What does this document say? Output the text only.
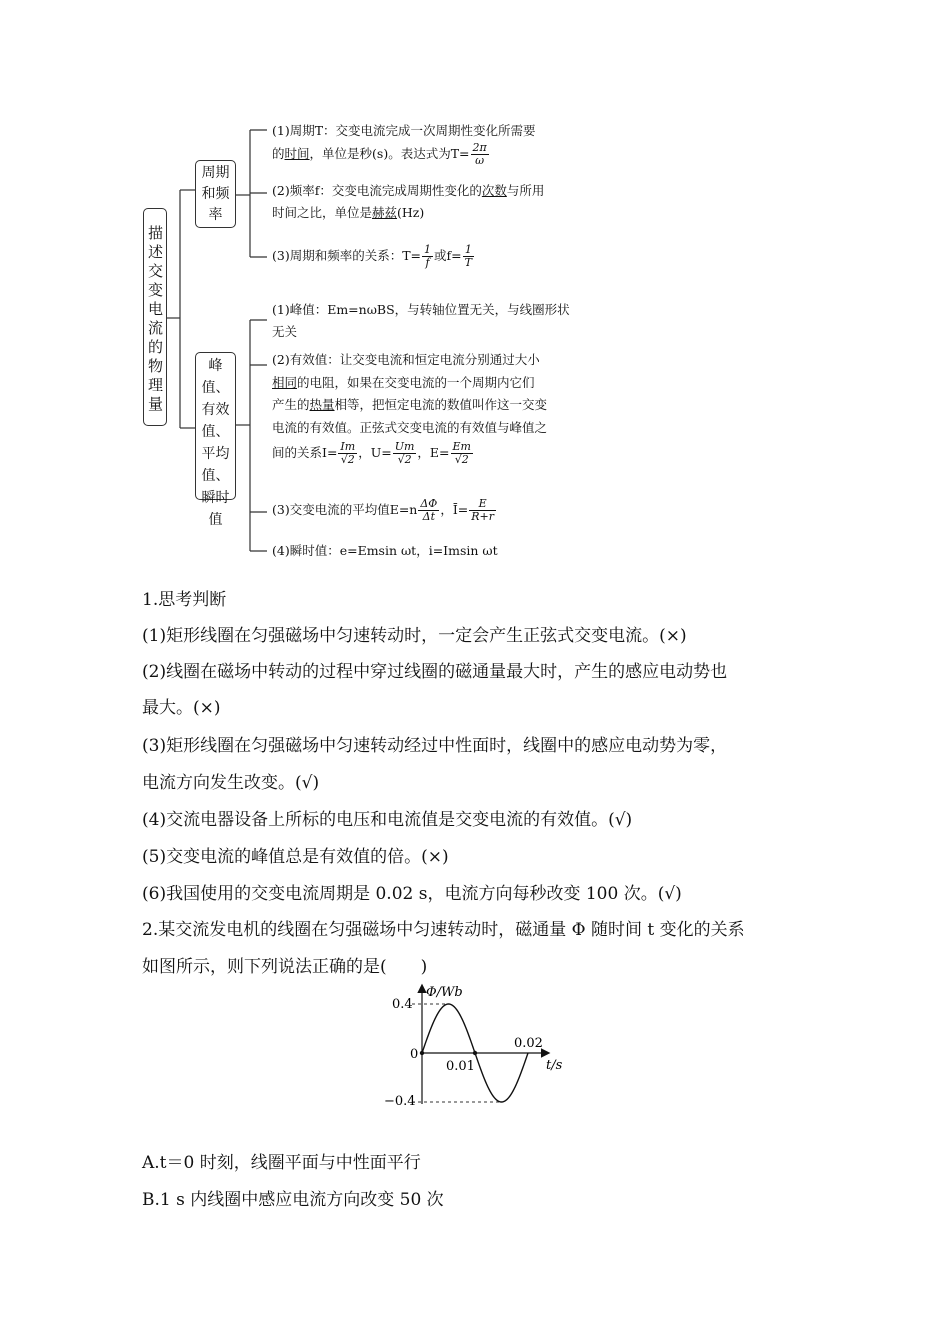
描述交变电流的物理量
周期和频率
峰值、有效值、平均值、瞬时值
(1)周期T：交变电流完成一次周期性变化所需要
的时间，单位是秒(s)。表达式为$T= \frac{2\pi}{\omega}$
(2)频率f：交变电流完成周期性变化的次数与所用
时间之比，单位是赫兹(Hz)
(3)周期和频率的关系：$T= \frac{1}{f}$ 或$f= \frac{1}{T}$
(1)峰值：Em=nωBS，与转轴位置无关，与线圈形状
无关
(2)有效值：让交变电流和恒定电流分别通过大小
相同的电阻，如果在交变电流的一个周期内它们
产生的热量相等，把恒定电流的数值叫作这一交变
电流的有效值。正弦式交变电流的有效值与峰值之
间的关系$I= \frac{Im}{√2}$ ，$U= \frac{Um}{√2}$ ，$E= \frac{Em}{√2}$
(3)交变电流的平均值$E=n \frac{\Delta\Phi}{\Delta t}$ ，Ī= $\frac{E}{R+r}$
(4)瞬时值：e=Emsin ωt，i=Imsin ωt
1.思考判断
(1)矩形线圈在匀强磁场中匀速转动时，一定会产生正弦式交变电流。(×)
(2)线圈在磁场中转动的过程中穿过线圈的磁通量最大时，产生的感应电动势也
最大。(×)
(3)矩形线圈在匀强磁场中匀速转动经过中性面时，线圈中的感应电动势为零，
电流方向发生改变。(√)
(4)交流电器设备上所标的电压和电流值是交变电流的有效值。(√)
(5)交变电流的峰值总是有效值的倍。(×)
(6)我国使用的交变电流周期是 0.02 s，电流方向每秒改变 100 次。(√)
2.某交流发电机的线圈在匀强磁场中匀速转动时，磁通量 Φ 随时间 t 变化的关系
如图所示，则下列说法正确的是(　　)
Φ/Wb
t/s
0.4
0
−0.4
0.01
0.02
A.t＝0 时刻，线圈平面与中性面平行
B.1 s 内线圈中感应电流方向改变 50 次
